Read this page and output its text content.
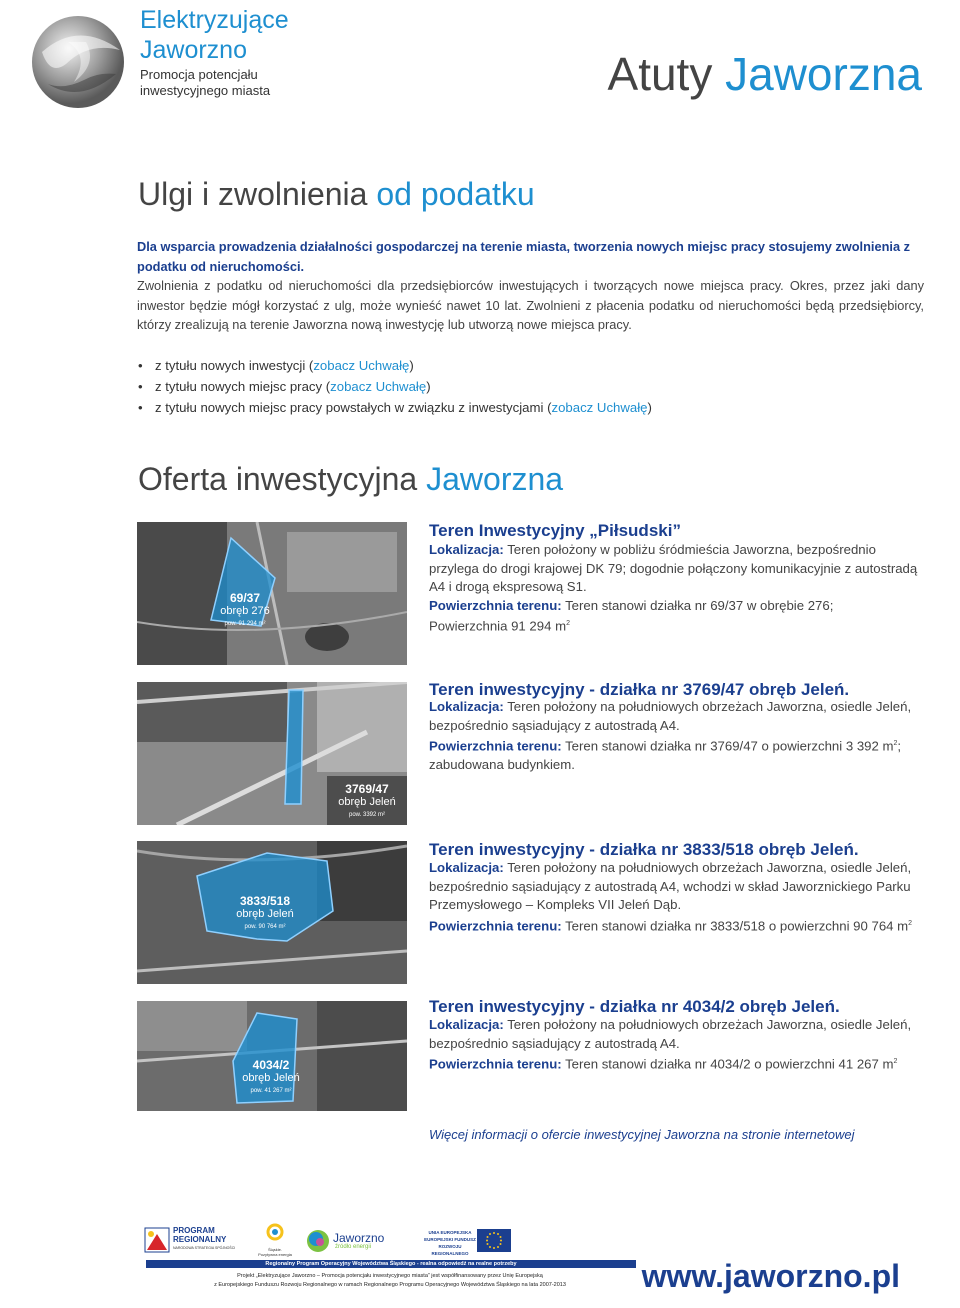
Elektryzujące
Jaworzno
Promocja potencjału
inwestycyjnego miasta	Atuty Jaworzna
Ulgi i zwolnienia od podatku
Dla wsparcia prowadzenia działalności gospodarczej na terenie miasta, tworzenia nowych miejsc pracy stosujemy zwolnienia z podatku od nieruchomości.
Zwolnienia z podatku od nieruchomości dla przedsiębiorców inwestujących i tworzących nowe miejsca pracy. Okres, przez jaki dany inwestor będzie mógł korzystać z ulg, może wynieść nawet 10 lat. Zwolnieni z płacenia podatku od nieruchomości będą przedsiębiorcy, którzy zrealizują na terenie Jaworzna nową inwestycję lub utworzą nowe miejsca pracy.
• z tytułu nowych inwestycji (zobacz Uchwałę)
• z tytułu nowych miejsc pracy (zobacz Uchwałę)
• z tytułu nowych miejsc pracy powstałych w związku z inwestycjami (zobacz Uchwałę)
Oferta inwestycyjna Jaworzna
69/37
obręb 276
pow. 91 294 m²
Teren Inwestycyjny „Piłsudski”
Lokalizacja: Teren położony w pobliżu śródmieścia Jaworzna, bezpośrednio przylega do drogi krajowej DK 79; dogodnie połączony komunikacyjnie z autostradą A4 i drogą ekspresową S1.
Powierzchnia terenu: Teren stanowi działka nr 69/37 w obrębie 276;
Powierzchnia 91 294 $m^2$
3769/47
obręb Jeleń
pow. 3392 m²
Teren inwestycyjny - działka nr 3769/47 obręb Jeleń.
Lokalizacja: Teren położony na południowych obrzeżach Jaworzna, osiedle Jeleń, bezpośrednio sąsiadujący z autostradą A4.
Powierzchnia terenu: Teren stanowi działka nr 3769/47 o powierzchni 3 392 $m^2$; zabudowana budynkiem.
3833/518
obręb Jeleń
pow. 90 764 m²
Teren inwestycyjny - działka nr 3833/518 obręb Jeleń.
Lokalizacja: Teren położony na południowych obrzeżach Jaworzna, osiedle Jeleń, bezpośrednio sąsiadujący z autostradą A4, wchodzi w skład Jaworznickiego Parku Przemysłowego – Kompleks VII Jeleń Dąb.
Powierzchnia terenu: Teren stanowi działka nr 3833/518 o powierzchni 90 764 $m^2$
4034/2
obręb Jeleń
pow. 41 267 m²
Teren inwestycyjny - działka nr 4034/2 obręb Jeleń.
Lokalizacja: Teren położony na południowych obrzeżach Jaworzna, osiedle Jeleń, bezpośrednio sąsiadujący z autostradą A4.
Powierzchnia terenu: Teren stanowi działka nr 4034/2 o powierzchni 41 267 $m^2$
Więcej informacji o ofercie inwestycyjnej Jaworzna na stronie internetowej
PROGRAM
REGIONALNY
NARODOWA STRATEGIA SPÓJNOŚCI	Śląskie.
Pozytywna energia
Jaworzno
źródło energii
UNIA EUROPEJSKA
EUROPEJSKI FUNDUSZ
ROZWOJU REGIONALNEGO
Regionalny Program Operacyjny Województwa Śląskiego - realna odpowiedź na realne potrzeby
Projekt „Elektryzujące Jaworzno – Promocja potencjału inwestycyjnego miasta” jest współfinansowany przez Unię Europejską
z Europejskiego Funduszu Rozwoju Regionalnego w ramach Regionalnego Programu Operacyjnego Województwa Śląskiego na lata 2007-2013	www.jaworzno.pl
